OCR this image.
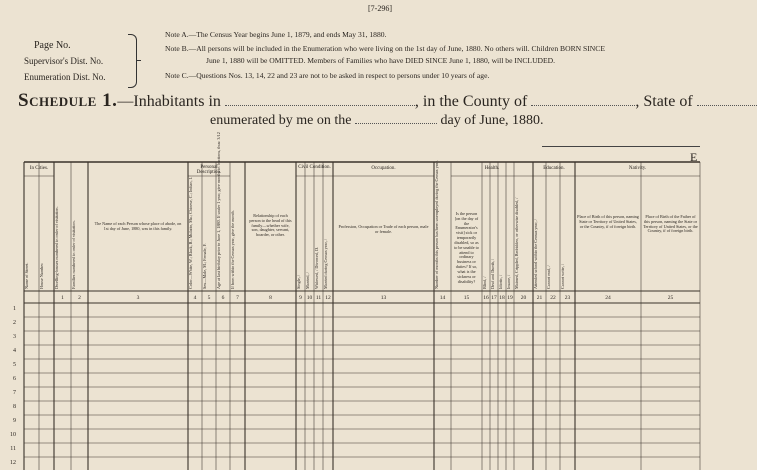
[7-296]
Page No.
Supervisor's Dist. No.
Enumeration Dist. No.
Note A.—The Census Year begins June 1, 1879, and ends May 31, 1880.
Note B.—All persons will be included in the Enumeration who were living on the 1st day of June, 1880. No others will. Children BORN SINCE
June 1, 1880 will be OMITTED. Members of Families who have DIED SINCE June 1, 1880, will be INCLUDED.
Note C.—Questions Nos. 13, 14, 22 and 23 are not to be asked in respect to persons under 10 years of age.
Schedule 1.—Inhabitants in	, in the County of	, State of
enumerated by me on the	day of June, 1880.
E
In Cities.	Personal Description.
Civil Condition.	Occupation.	Health.	Education.	Nativity.
Name of Street.	House Number.	Dwelling-houses numbered in order of visitation.	Families numbered in order of visitation.	Color—White, W.; Black, B.; Mulatto, Mu.; Chinese, C.; Indian, I.	Sex—Male, M.; Female, F.	Age at last birthday prior to June 1, 1880. If under 1 year, give months in fractions, thus: 3/12	If born within the Census year, give the month.	Single, / Married, / Widowed, / Divorced, D. Married during Census year, /	Number of months this person has been unemployed during the Census year.	Blind, / Deaf and Dumb, / Idiotic, / Insane, / Maimed, Crippled, Bedridden, or otherwise disabled, /	Attended school within the Census year, /	Cannot read, /	Cannot write, /
The Name of each Person whose place of abode, on 1st day of June, 1880, was in this family.
Relationship of each person to the head of this family—whether wife, son, daughter, servant, boarder, or other.
Profession, Occupation or Trade of each person, male or female.
Is the person [on the day of the Enumerator's visit] sick or temporarily disabled, so as to be unable to attend to ordinary business or duties? If so, what is the sickness or disability?
Place of Birth of this person, naming State or Territory of United States, or the Country, if of foreign birth.
Place of Birth of the Father of this person, naming the State or Territory of United States, or the Country, if of foreign birth.
1	2	3	4	5	6	7	8	9 10 11 12	13	14	15	16 17 18 19	20	21	22	23	24	25
1
2
3
4
5
6
7
8
9
10
11
12
